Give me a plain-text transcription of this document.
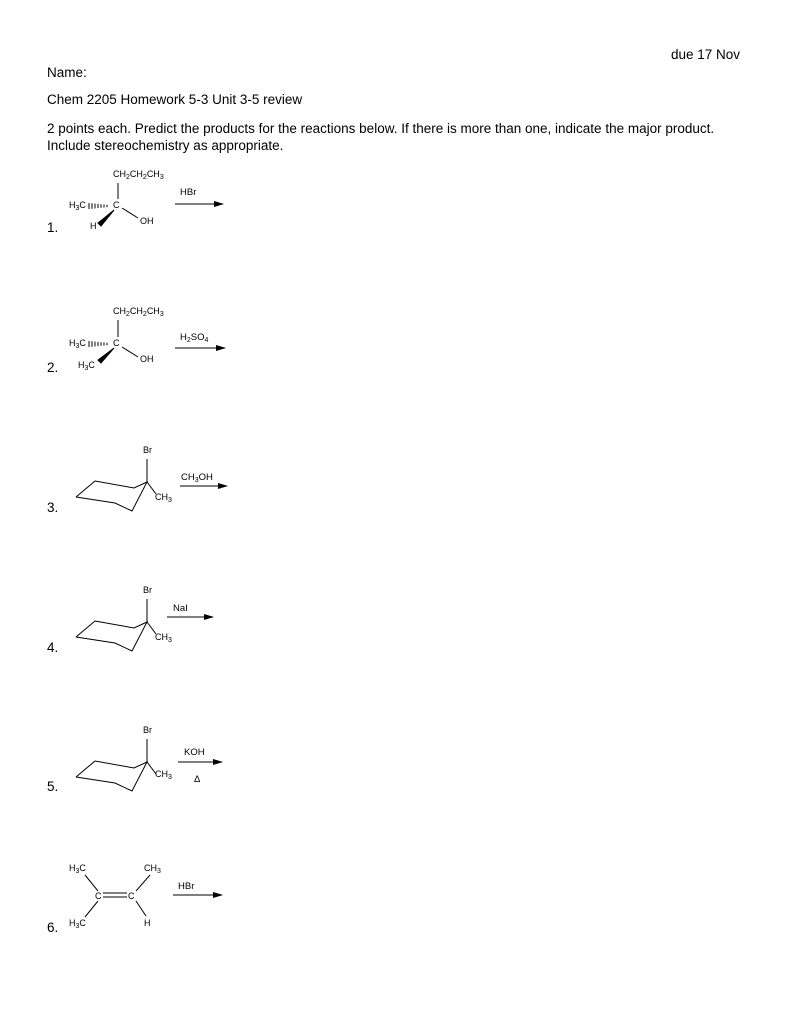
due 17 Nov
Name:
Chem 2205 Homework 5-3 Unit 3-5 review
2 points each. Predict the products for the reactions below. If there is more than one, indicate the major product. Include stereochemistry as appropriate.
1.
2.
3.
4.
5.
6.
$CH_2CH_2CH_3$
$H_3C$	C
OH
H
HBr
$CH_2CH_2CH_3$
$H_3C$	C
OH
$H_3C$
$H_2SO_4$
Br
$CH_3$
$CH_3OH$
Br
$CH_3$
NaI
Br
$CH_3$
KOH
Δ
$H_3C$	$CH_3$
C	C
$H_3C$	H
HBr
